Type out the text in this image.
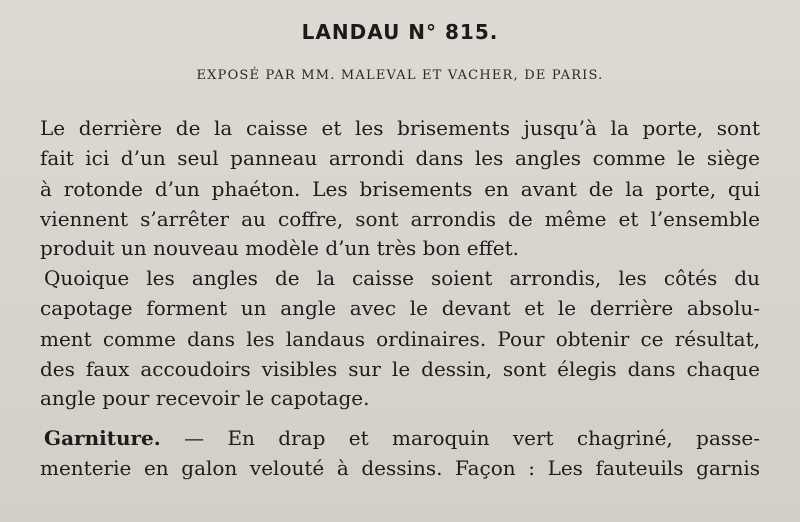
LANDAU N° 815.
EXPOSÉ PAR MM. MALEVAL ET VACHER, DE PARIS.
Le derrière de la caisse et les brisements jusqu’à la porte, sont
fait ici d’un seul panneau arrondi dans les angles comme le siège
à rotonde d’un phaéton. Les brisements en avant de la porte, qui
viennent s’arrêter au coffre, sont arrondis de même et l’ensemble
produit un nouveau modèle d’un très bon effet.
Quoique les angles de la caisse soient arrondis, les côtés du
capotage forment un angle avec le devant et le derrière absolu-
ment comme dans les landaus ordinaires. Pour obtenir ce résultat,
des faux accoudoirs visibles sur le dessin, sont élegis dans chaque
angle pour recevoir le capotage.
Garniture. — En drap et maroquin vert chagriné, passe-
menterie en galon velouté à dessins. Façon : Les fauteuils garnis
